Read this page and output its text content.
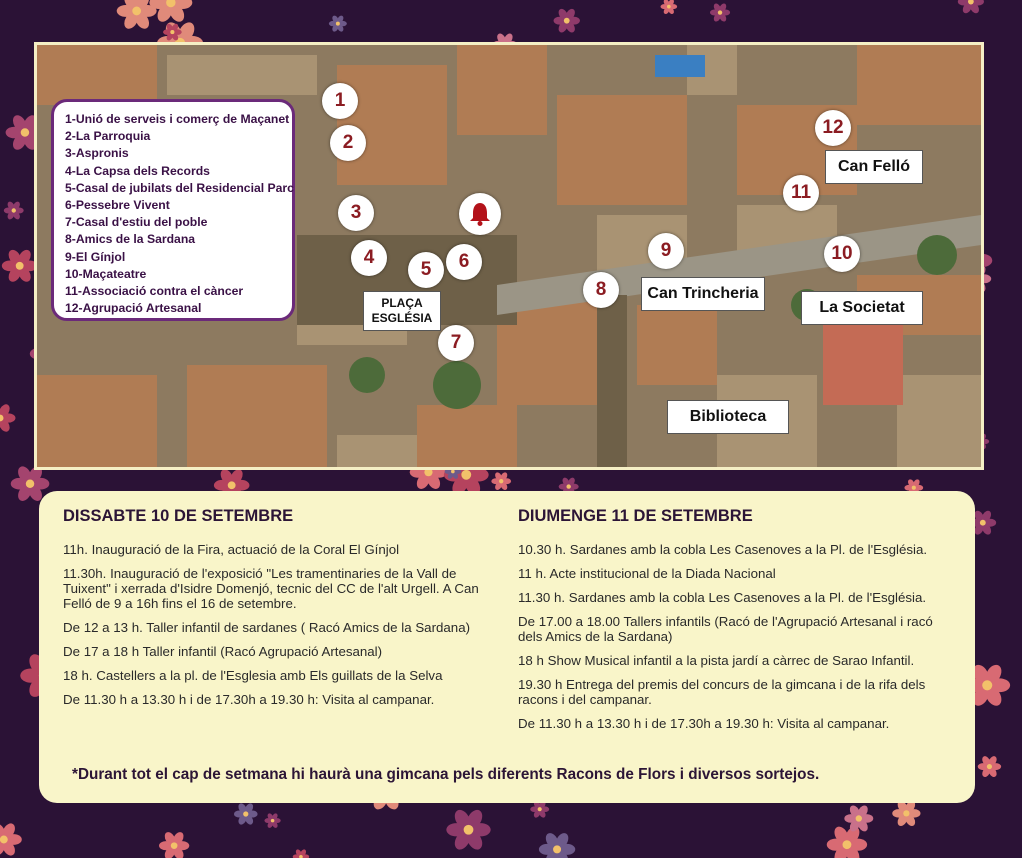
1-Unió de serveis i comerç de Maçanet
2-La Parroquia
3-Aspronis
4-La Capsa dels Records
5-Casal de jubilats del Residencial Parc
6-Pessebre Vivent
7-Casal d'estiu del poble
8-Amics de la Sardana
9-El Gínjol
10-Maçateatre
11-Associació contra el càncer
12-Agrupació Artesanal
1
2
3
4
5	6
7
8
9	10
11
12
Can Felló
Can Trincheria
La Societat
Biblioteca
PLAÇA
ESGLÉSIA
DISSABTE 10 DE SETEMBRE
11h. Inauguració de la Fira, actuació de la Coral El Gínjol
11.30h. Inauguració de l'exposició "Les tramentinaries de la Vall de Tuixent" i xerrada d'Isidre Domenjó, tecnic del CC de l'alt Urgell. A Can Felló de 9 a 16h fins el 16 de setembre.
De 12 a 13 h. Taller infantil de sardanes ( Racó Amics de la Sardana)
De 17 a 18 h Taller infantil (Racó Agrupació Artesanal)
18 h. Castellers a la pl. de l'Esglesia amb Els guillats de la Selva
De 11.30 h a 13.30 h i de 17.30h a 19.30 h: Visita al campanar.
DIUMENGE 11 DE SETEMBRE
10.30 h. Sardanes amb la cobla Les Casenoves a la Pl. de l'Església.
11 h. Acte institucional de la Diada Nacional
11.30 h. Sardanes amb la cobla Les Casenoves a la Pl. de l'Església.
De 17.00 a 18.00 Tallers infantils (Racó de l'Agrupació Artesanal i racó dels Amics de la Sardana)
18 h Show Musical infantil a la pista jardí a càrrec de Sarao Infantil.
19.30 h Entrega del premis del concurs de la gimcana i de la rifa dels racons i del campanar.
De 11.30 h a 13.30 h i de 17.30h a 19.30 h: Visita al campanar.
*Durant tot el cap de setmana hi haurà una gimcana pels diferents Racons de Flors i diversos sortejos.
